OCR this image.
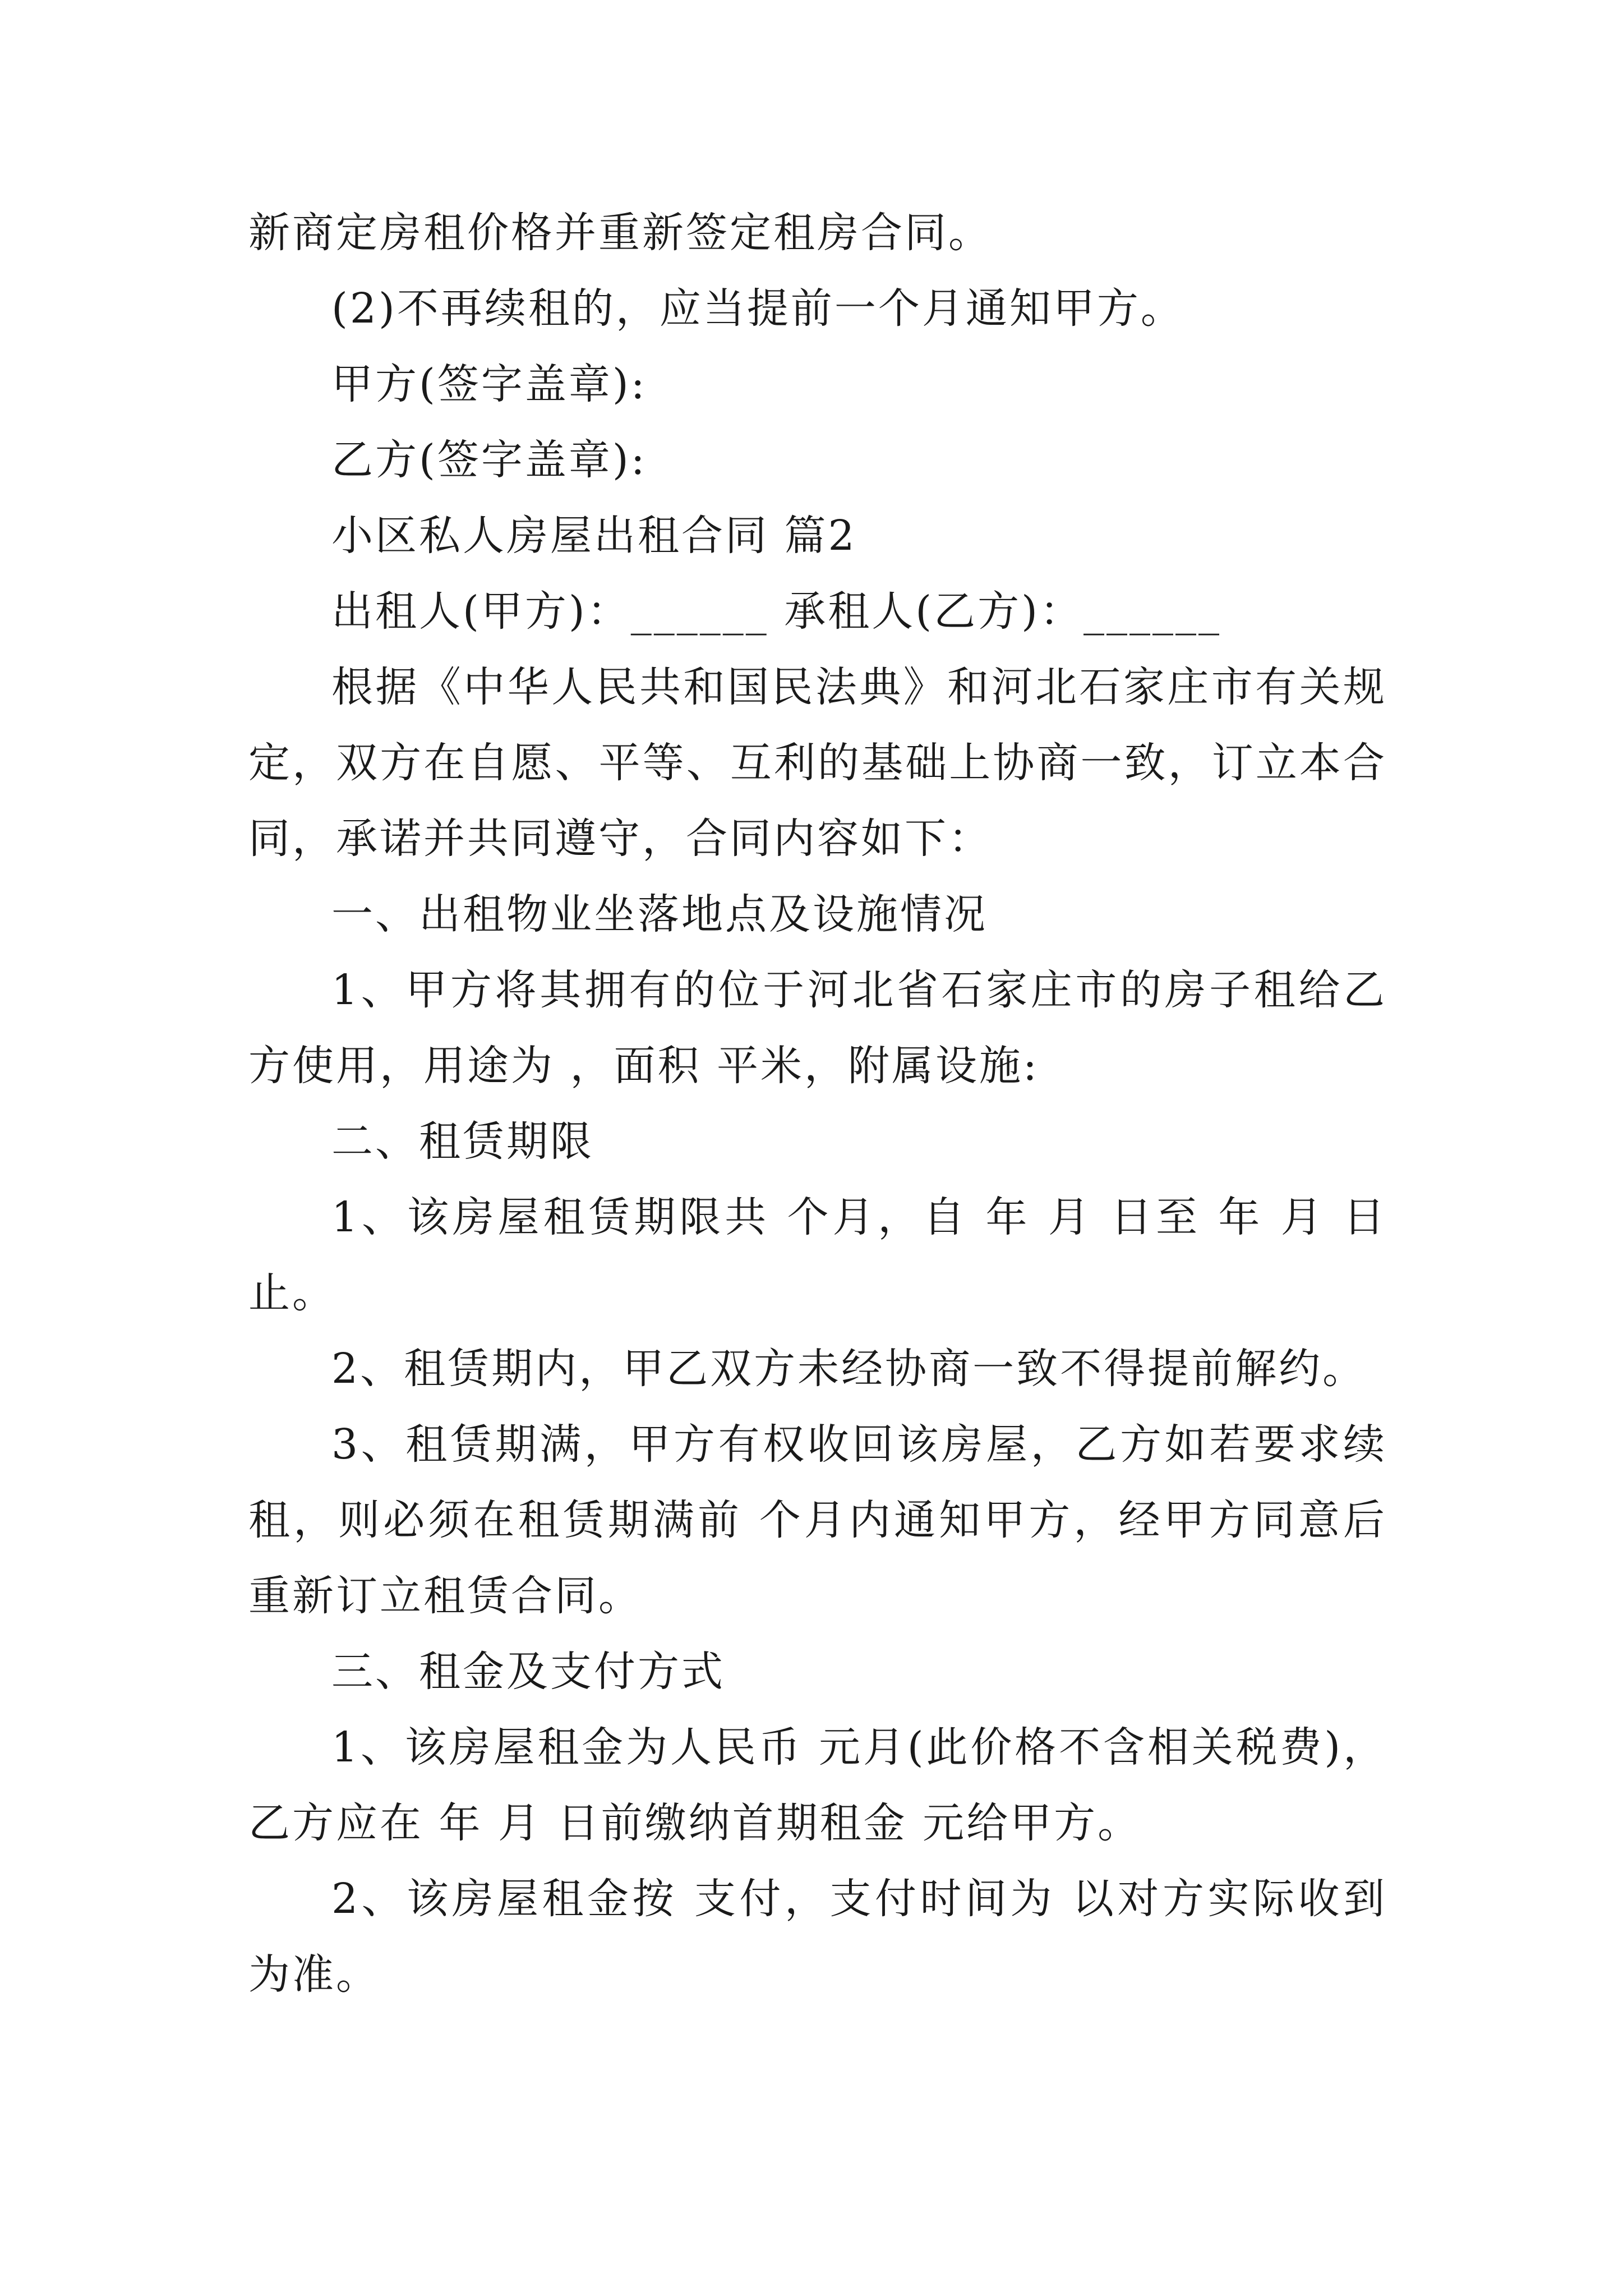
新商定房租价格并重新签定租房合同。

(2)不再续租的，应当提前一个月通知甲方。

甲方(签字盖章):

乙方(签字盖章):

小区私人房屋出租合同 篇2

出租人(甲方)：______ 承租人(乙方)：______

根据《中华人民共和国民法典》和河北石家庄市有关规定，双方在自愿、平等、互利的基础上协商一致，订立本合同，承诺并共同遵守，合同内容如下：

一、出租物业坐落地点及设施情况

1、甲方将其拥有的位于河北省石家庄市的房子租给乙方使用，用途为 ，面积 平米，附属设施:

二、租赁期限

1、该房屋租赁期限共 个月，自 年 月 日至 年 月 日止。

2、租赁期内，甲乙双方未经协商一致不得提前解约。

3、租赁期满，甲方有权收回该房屋，乙方如若要求续租，则必须在租赁期满前 个月内通知甲方，经甲方同意后重新订立租赁合同。

三、租金及支付方式

1、该房屋租金为人民币 元月(此价格不含相关税费)，乙方应在 年 月 日前缴纳首期租金 元给甲方。

2、该房屋租金按 支付，支付时间为 以对方实际收到为准。
